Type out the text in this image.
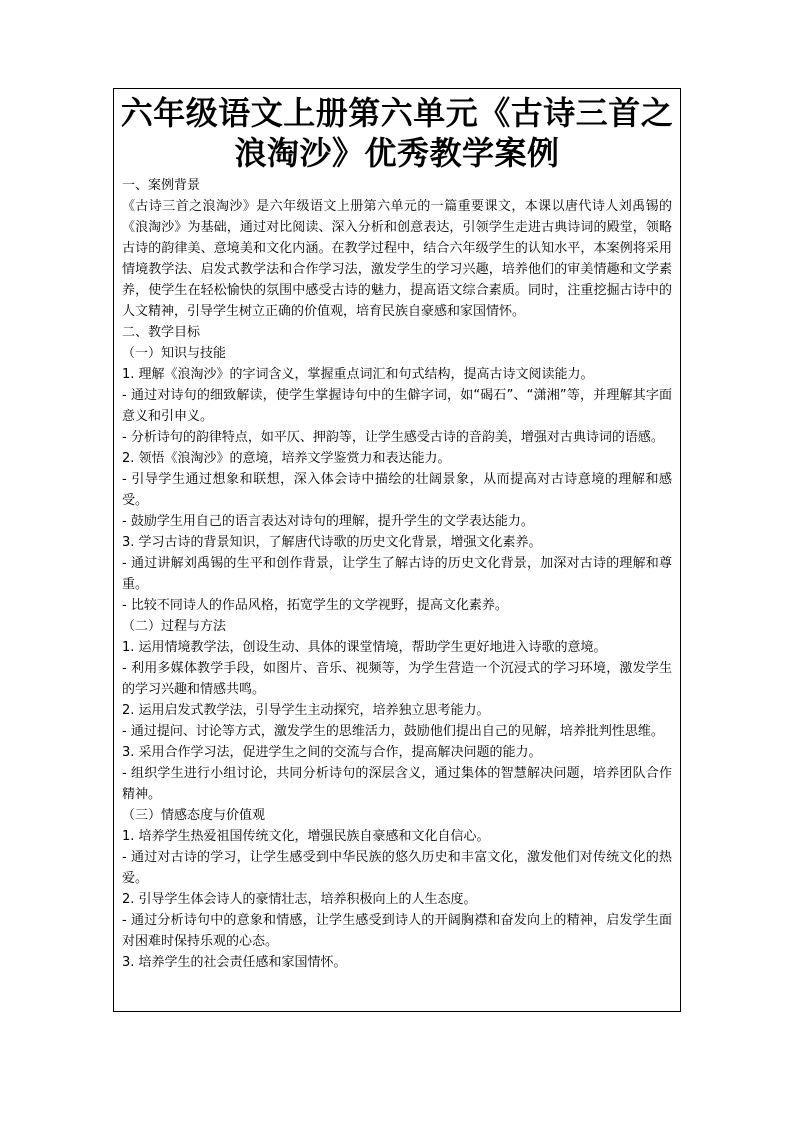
六年级语文上册第六单元《古诗三首之浪淘沙》优秀教学案例

一、案例背景

《古诗三首之浪淘沙》是六年级语文上册第六单元的一篇重要课文，本课以唐代诗人刘禹锡的《浪淘沙》为基础，通过对比阅读、深入分析和创意表达，引领学生走进古典诗词的殿堂，领略古诗的韵律美、意境美和文化内涵。在教学过程中，结合六年级学生的认知水平，本案例将采用情境教学法、启发式教学法和合作学习法，激发学生的学习兴趣，培养他们的审美情趣和文学素养，使学生在轻松愉快的氛围中感受古诗的魅力，提高语文综合素质。同时，注重挖掘古诗中的人文精神，引导学生树立正确的价值观，培育民族自豪感和家国情怀。

二、教学目标

（一）知识与技能

1. 理解《浪淘沙》的字词含义，掌握重点词汇和句式结构，提高古诗文阅读能力。

- 通过对诗句的细致解读，使学生掌握诗句中的生僻字词，如“碣石”、“潇湘”等，并理解其字面意义和引申义。

- 分析诗句的韵律特点，如平仄、押韵等，让学生感受古诗的音韵美，增强对古典诗词的语感。

2. 领悟《浪淘沙》的意境，培养文学鉴赏力和表达能力。

- 引导学生通过想象和联想，深入体会诗中描绘的壮阔景象，从而提高对古诗意境的理解和感受。

- 鼓励学生用自己的语言表达对诗句的理解，提升学生的文学表达能力。

3. 学习古诗的背景知识，了解唐代诗歌的历史文化背景，增强文化素养。

- 通过讲解刘禹锡的生平和创作背景，让学生了解古诗的历史文化背景，加深对古诗的理解和尊重。

- 比较不同诗人的作品风格，拓宽学生的文学视野，提高文化素养。

（二）过程与方法

1. 运用情境教学法，创设生动、具体的课堂情境，帮助学生更好地进入诗歌的意境。

- 利用多媒体教学手段，如图片、音乐、视频等，为学生营造一个沉浸式的学习环境，激发学生的学习兴趣和情感共鸣。

2. 运用启发式教学法，引导学生主动探究，培养独立思考能力。

- 通过提问、讨论等方式，激发学生的思维活力，鼓励他们提出自己的见解，培养批判性思维。

3. 采用合作学习法，促进学生之间的交流与合作，提高解决问题的能力。

- 组织学生进行小组讨论，共同分析诗句的深层含义，通过集体的智慧解决问题，培养团队合作精神。

（三）情感态度与价值观

1. 培养学生热爱祖国传统文化，增强民族自豪感和文化自信心。

- 通过对古诗的学习，让学生感受到中华民族的悠久历史和丰富文化，激发他们对传统文化的热爱。

2. 引导学生体会诗人的豪情壮志，培养积极向上的人生态度。

- 通过分析诗句中的意象和情感，让学生感受到诗人的开阔胸襟和奋发向上的精神，启发学生面对困难时保持乐观的心态。

3. 培养学生的社会责任感和家国情怀。
